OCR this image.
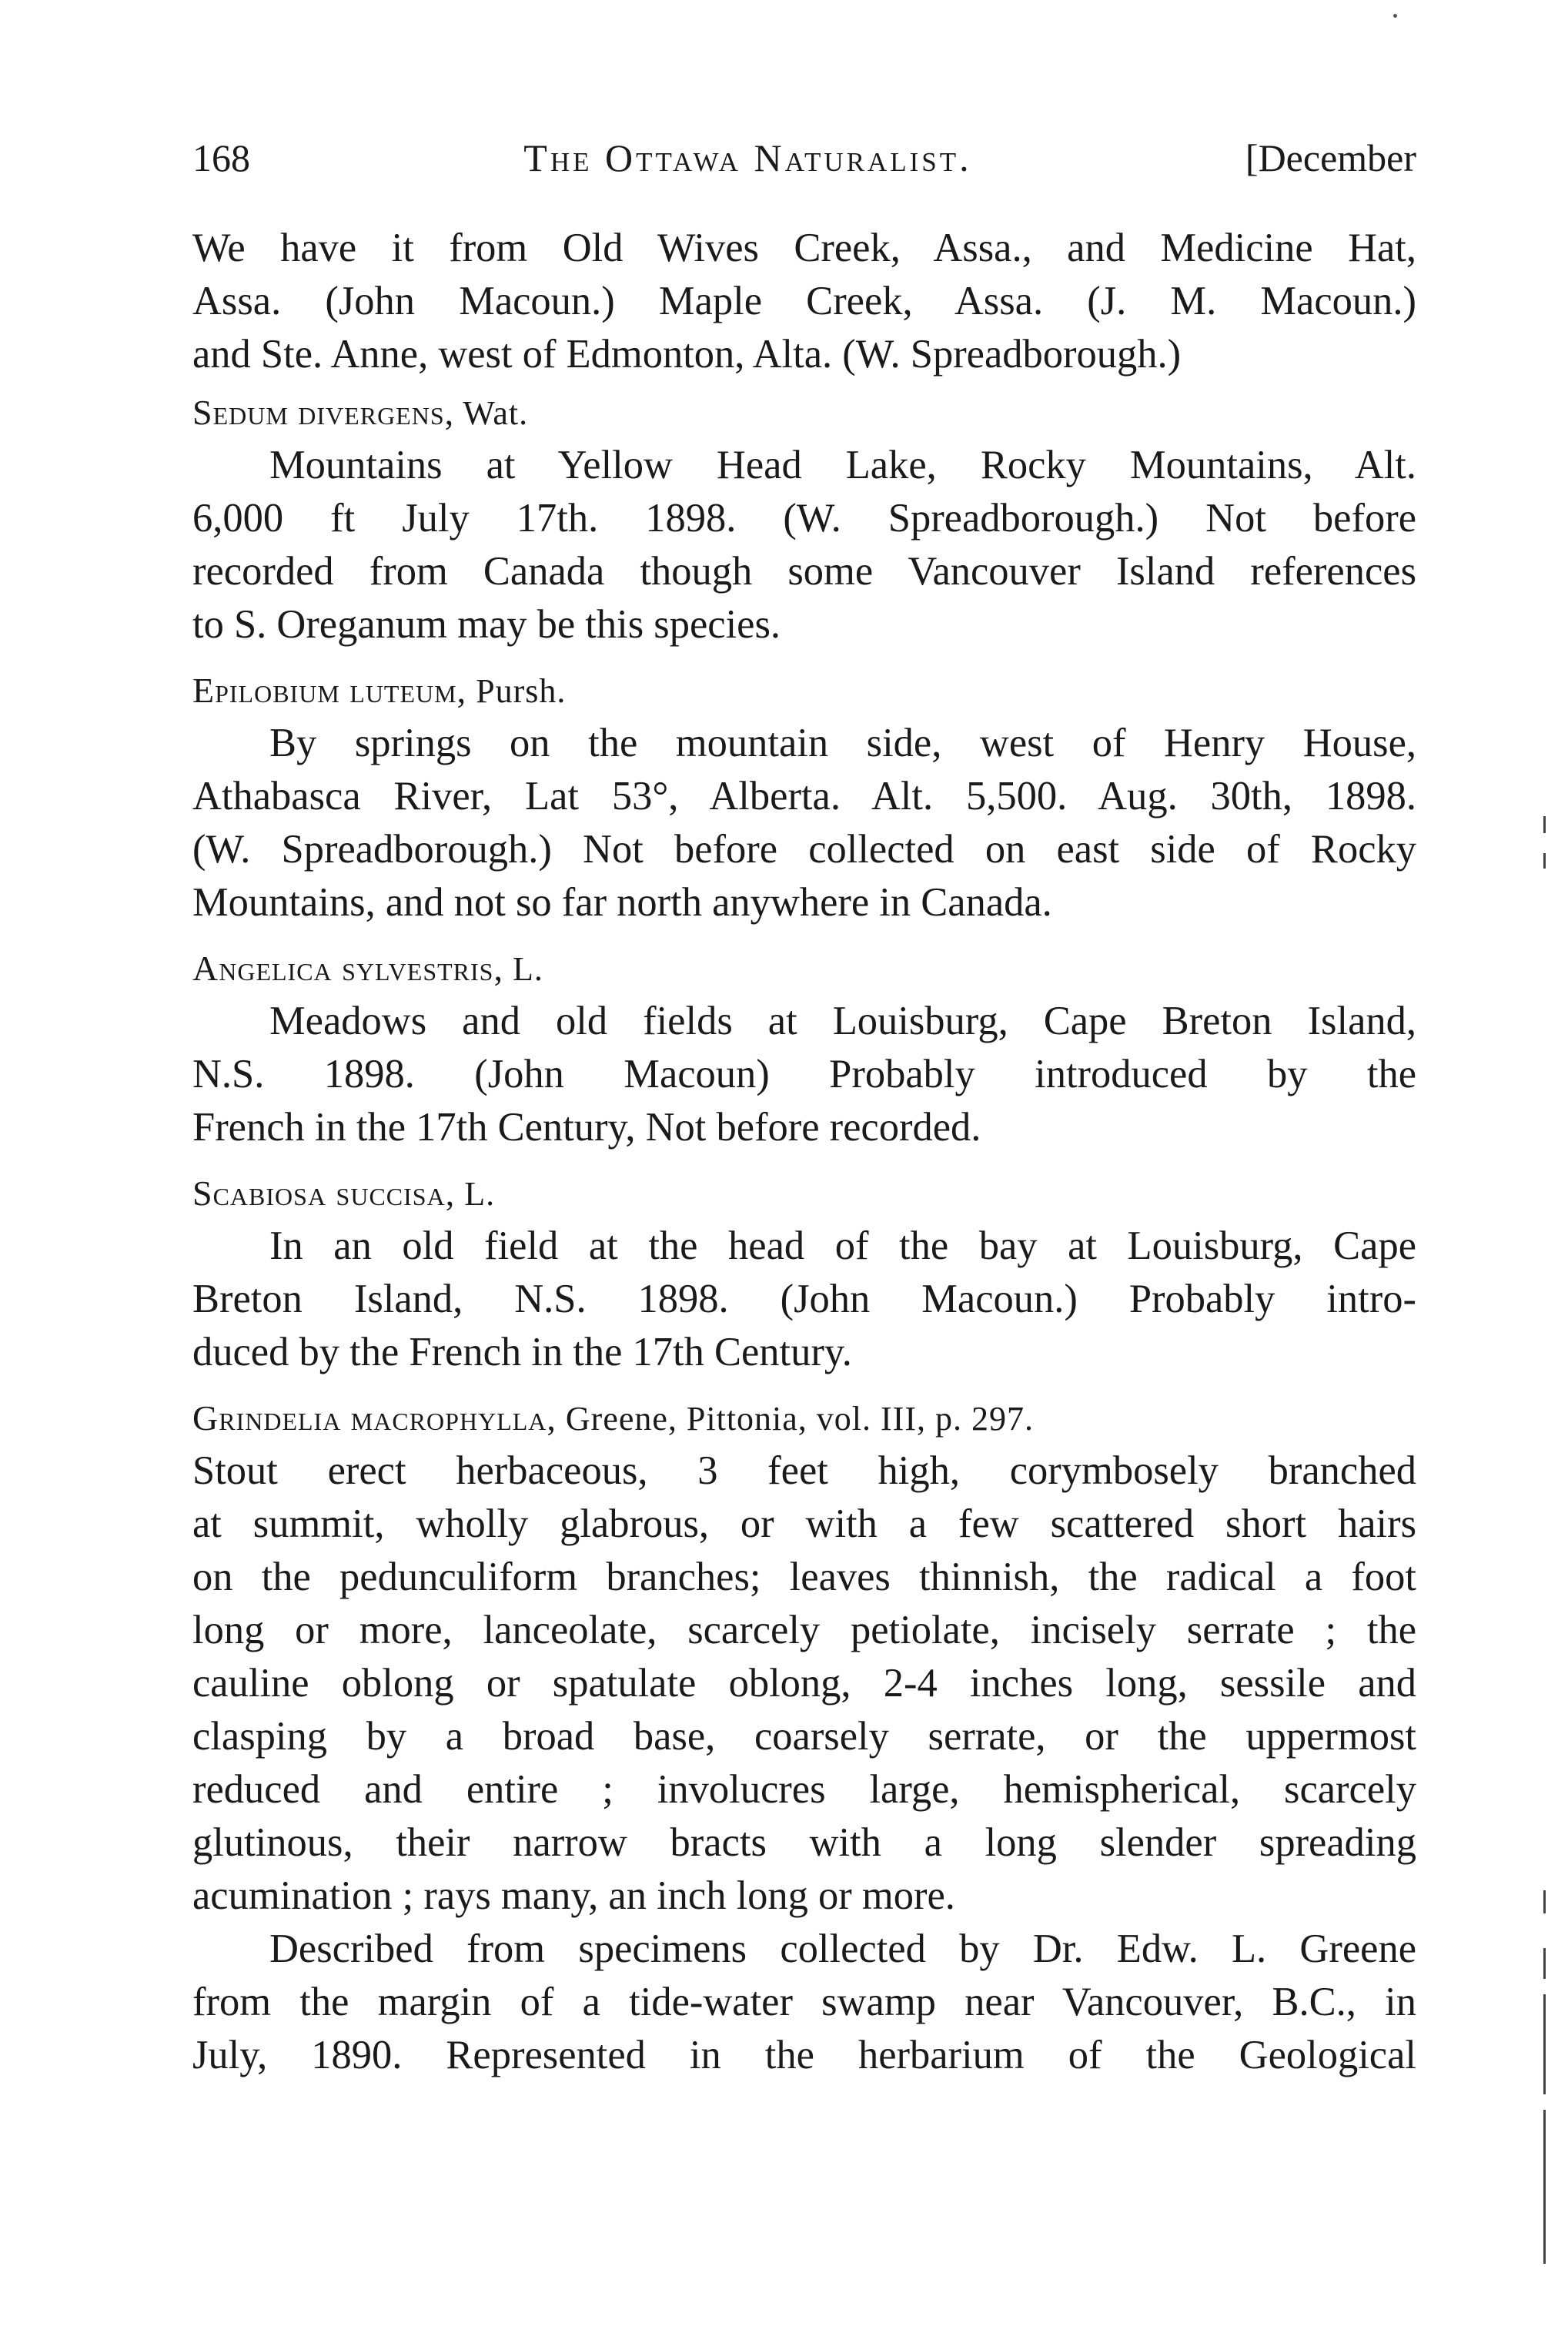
168	The Ottawa Naturalist.	[December
We have it from Old Wives Creek, Assa., and Medicine Hat,
Assa. (John Macoun.) Maple Creek, Assa. (J. M. Macoun.)
and Ste. Anne, west of Edmonton, Alta. (W. Spreadborough.)
Sedum divergens, Wat.
Mountains at Yellow Head Lake, Rocky Mountains, Alt.
6,000 ft July 17th. 1898. (W. Spreadborough.) Not before
recorded from Canada though some Vancouver Island references
to S. Oreganum may be this species.
Epilobium luteum, Pursh.
By springs on the mountain side, west of Henry House,
Athabasca River, Lat 53°, Alberta. Alt. 5,500. Aug. 30th, 1898.
(W. Spreadborough.) Not before collected on east side of Rocky
Mountains, and not so far north anywhere in Canada.
Angelica sylvestris, L.
Meadows and old fields at Louisburg, Cape Breton Island,
N.S. 1898. (John Macoun) Probably introduced by the
French in the 17th Century, Not before recorded.
Scabiosa succisa, L.
In an old field at the head of the bay at Louisburg, Cape
Breton Island, N.S. 1898. (John Macoun.) Probably intro-
duced by the French in the 17th Century.
Grindelia macrophylla, Greene, Pittonia, vol. III, p. 297.
Stout erect herbaceous, 3 feet high, corymbosely branched
at summit, wholly glabrous, or with a few scattered short hairs
on the pedunculiform branches; leaves thinnish, the radical a foot
long or more, lanceolate, scarcely petiolate, incisely serrate ; the
cauline oblong or spatulate oblong, 2-4 inches long, sessile and
clasping by a broad base, coarsely serrate, or the uppermost
reduced and entire ; involucres large, hemispherical, scarcely
glutinous, their narrow bracts with a long slender spreading
acumination ; rays many, an inch long or more.
Described from specimens collected by Dr. Edw. L. Greene
from the margin of a tide-water swamp near Vancouver, B.C., in
July, 1890. Represented in the herbarium of the Geological
